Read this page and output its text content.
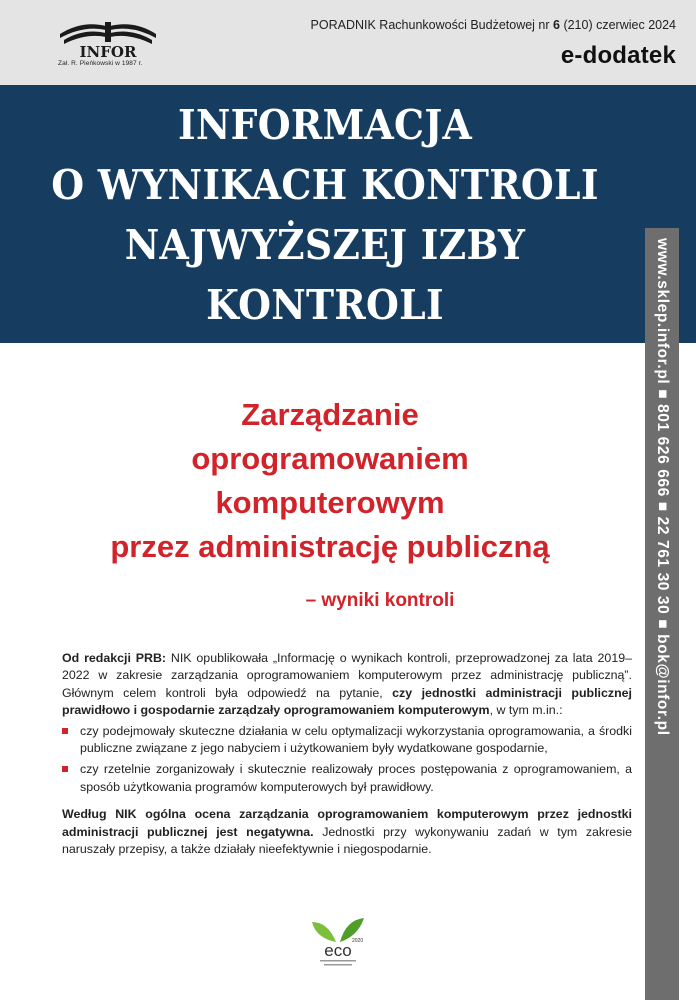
INFOR
Zał. R. Pieńkowski w 1987 r.
PORADNIK Rachunkowości Budżetowej nr 6 (210) czerwiec 2024
e-dodatek
INFORMACJA
O WYNIKACH KONTROLI
NAJWYŻSZEJ IZBY
KONTROLI	www.sklep.infor.pl ■ 801 626 666 ■ 22 761 30 30 ■ bok@infor.pl
Zarządzanie
oprogramowaniem
komputerowym
przez administrację publiczną
– wyniki kontroli

Od redakcji PRB: NIK opublikowała „Informację o wynikach kontroli, przeprowadzonej za lata 2019–2022 w zakresie zarządzania oprogramowaniem komputerowym przez administrację publiczną”. Głównym celem kontroli była odpowiedź na pytanie, czy jednostki administracji publicznej prawidłowo i gospodarnie zarządzały oprogramowaniem komputerowym, w tym m.in.:

czy podejmowały skuteczne działania w celu optymalizacji wykorzystania oprogramowania, a środki publiczne związane z jego nabyciem i użytkowaniem były wydatkowane gospodarnie,
czy rzetelnie zorganizowały i skutecznie realizowały proces postępowania z oprogramowaniem, a sposób użytkowania programów komputerowych był prawidłowy.

Według NIK ogólna ocena zarządzania oprogramowaniem komputerowym przez jednostki administracji publicznej jest negatywna. Jednostki przy wykonywaniu zadań w tym zakresie naruszały przepisy, a także działały nieefektywnie i niegospodarnie.

2020
eco
